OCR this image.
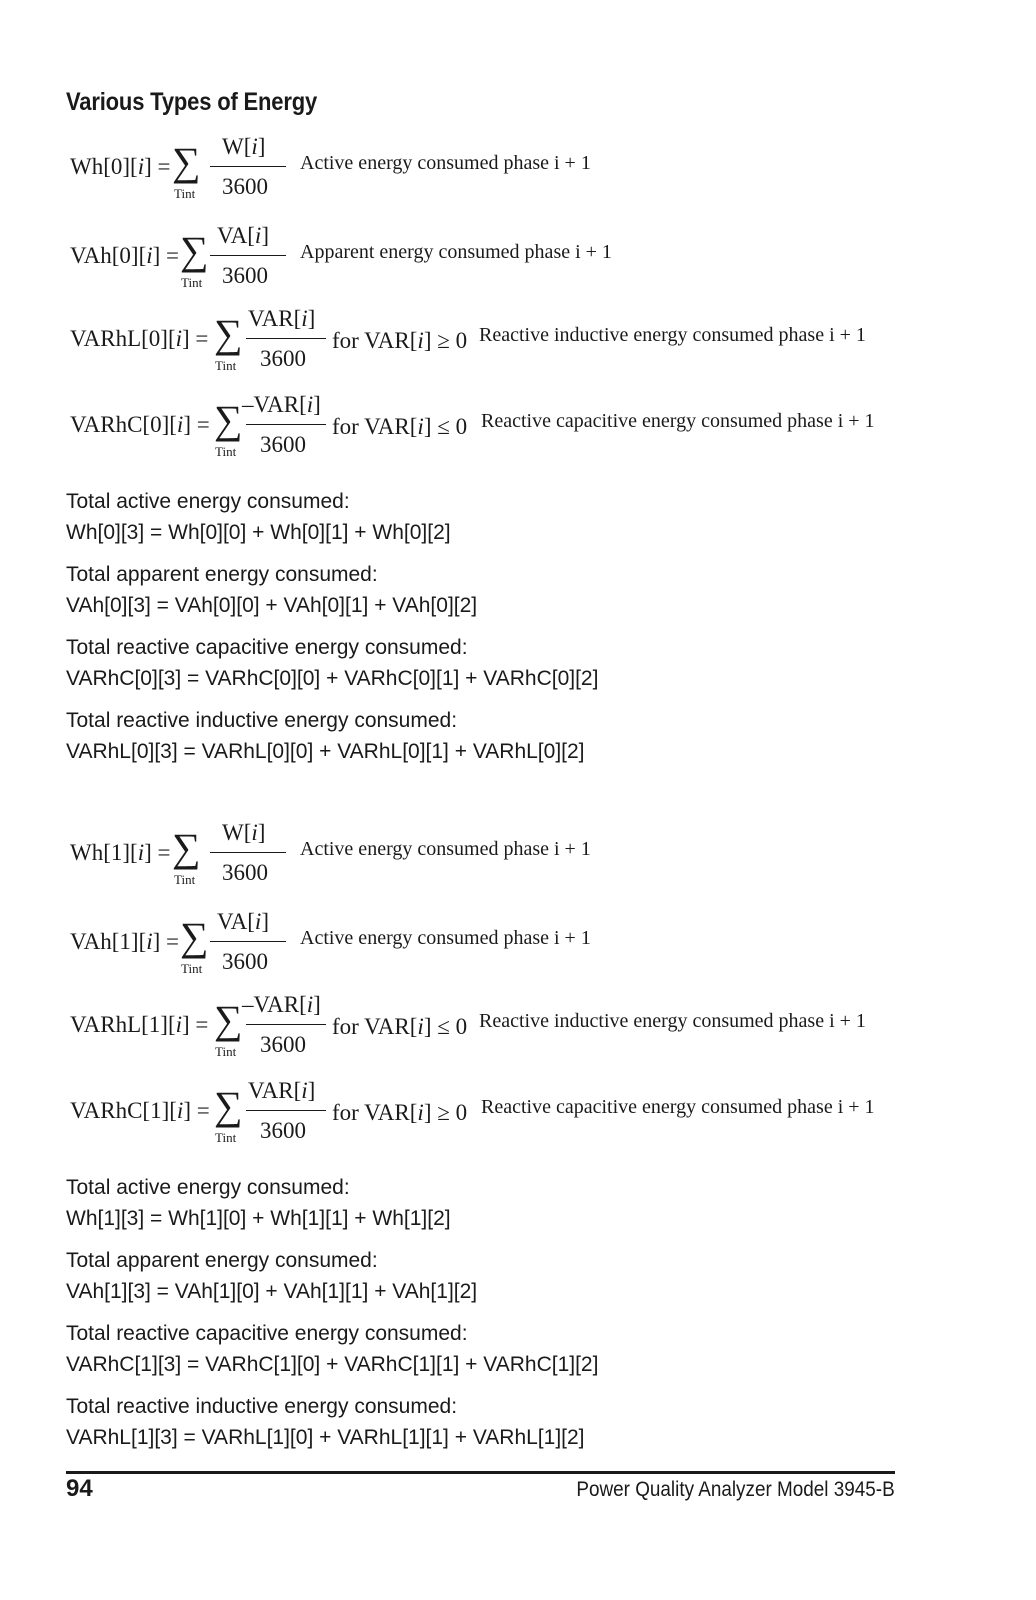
Various Types of Energy
Wh[0][i] = ∑
Tint
W[i]
3600
Active energy consumed phase i + 1
VAh[0][i] = ∑
Tint
VA[i]
3600
Apparent energy consumed phase i + 1
VARhL[0][i] = ∑
Tint
VAR[i]
3600
for VAR[i] ≥ 0 Reactive inductive energy consumed phase i + 1
VARhC[0][i] = ∑
Tint
–VAR[i]
3600
for VAR[i] ≤ 0 Reactive capacitive energy consumed phase i + 1
Total active energy consumed:
Wh[0][3] = Wh[0][0] + Wh[0][1] + Wh[0][2]
Total apparent energy consumed:
VAh[0][3] = VAh[0][0] + VAh[0][1] + VAh[0][2]
Total reactive capacitive energy consumed:
VARhC[0][3] = VARhC[0][0] + VARhC[0][1] + VARhC[0][2]
Total reactive inductive energy consumed:
VARhL[0][3] = VARhL[0][0] + VARhL[0][1] + VARhL[0][2]
Wh[1][i] = ∑
Tint
W[i]
3600
Active energy consumed phase i + 1
VAh[1][i] = ∑
Tint
VA[i]
3600
Active energy consumed phase i + 1
VARhL[1][i] = ∑
Tint
–VAR[i]
3600
for VAR[i] ≤ 0 Reactive inductive energy consumed phase i + 1
VARhC[1][i] = ∑
Tint
VAR[i]
3600
for VAR[i] ≥ 0 Reactive capacitive energy consumed phase i + 1
Total active energy consumed:
Wh[1][3] = Wh[1][0] + Wh[1][1] + Wh[1][2]
Total apparent energy consumed:
VAh[1][3] = VAh[1][0] + VAh[1][1] + VAh[1][2]
Total reactive capacitive energy consumed:
VARhC[1][3] = VARhC[1][0] + VARhC[1][1] + VARhC[1][2]
Total reactive inductive energy consumed:
VARhL[1][3] = VARhL[1][0] + VARhL[1][1] + VARhL[1][2]
94	Power Quality Analyzer Model 3945-B
